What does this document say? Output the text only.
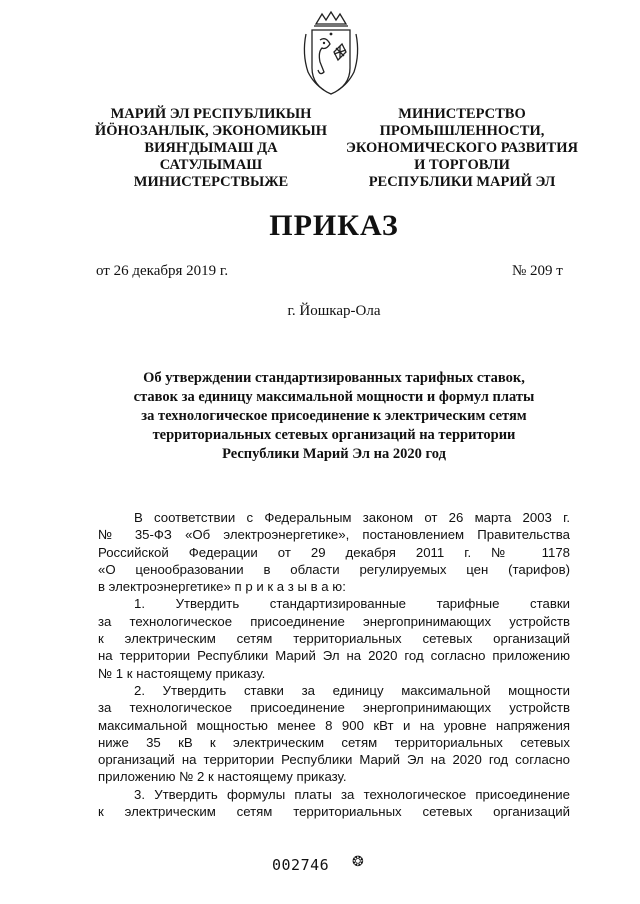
МАРИЙ ЭЛ РЕСПУБЛИКЫН
ЙӦНОЗАНЛЫК, ЭКОНОМИКЫН
ВИЯҤДЫМАШ ДА
САТУЛЫМАШ
МИНИСТЕРСТВЫЖЕ
МИНИСТЕРСТВО
ПРОМЫШЛЕННОСТИ,
ЭКОНОМИЧЕСКОГО РАЗВИТИЯ
И ТОРГОВЛИ
РЕСПУБЛИКИ МАРИЙ ЭЛ
ПРИКАЗ
от 26 декабря 2019 г.	№ 209 т
г. Йошкар-Ола
Об утверждении стандартизированных тарифных ставок,
ставок за единицу максимальной мощности и формул платы
за технологическое присоединение к электрическим сетям
территориальных сетевых организаций на территории
Республики Марий Эл на 2020 год
В соответствии с Федеральным законом от 26 марта 2003 г.
№ 35-ФЗ «Об электроэнергетике», постановлением Правительства
Российской Федерации от 29 декабря 2011 г. № 1178
«О ценообразовании в области регулируемых цен (тарифов)
в электроэнергетике» п р и к а з ы в а ю:
1. Утвердить стандартизированные тарифные ставки
за технологическое присоединение энергопринимающих устройств
к электрическим сетям территориальных сетевых организаций
на территории Республики Марий Эл на 2020 год согласно приложению
№ 1 к настоящему приказу.
2. Утвердить ставки за единицу максимальной мощности
за технологическое присоединение энергопринимающих устройств
максимальной мощностью менее 8 900 кВт и на уровне напряжения
ниже 35 кВ к электрическим сетям территориальных сетевых
организаций на территории Республики Марий Эл на 2020 год согласно
приложению № 2 к настоящему приказу.
3. Утвердить формулы платы за технологическое присоединение
к электрическим сетям территориальных сетевых организаций
002746 ❂
